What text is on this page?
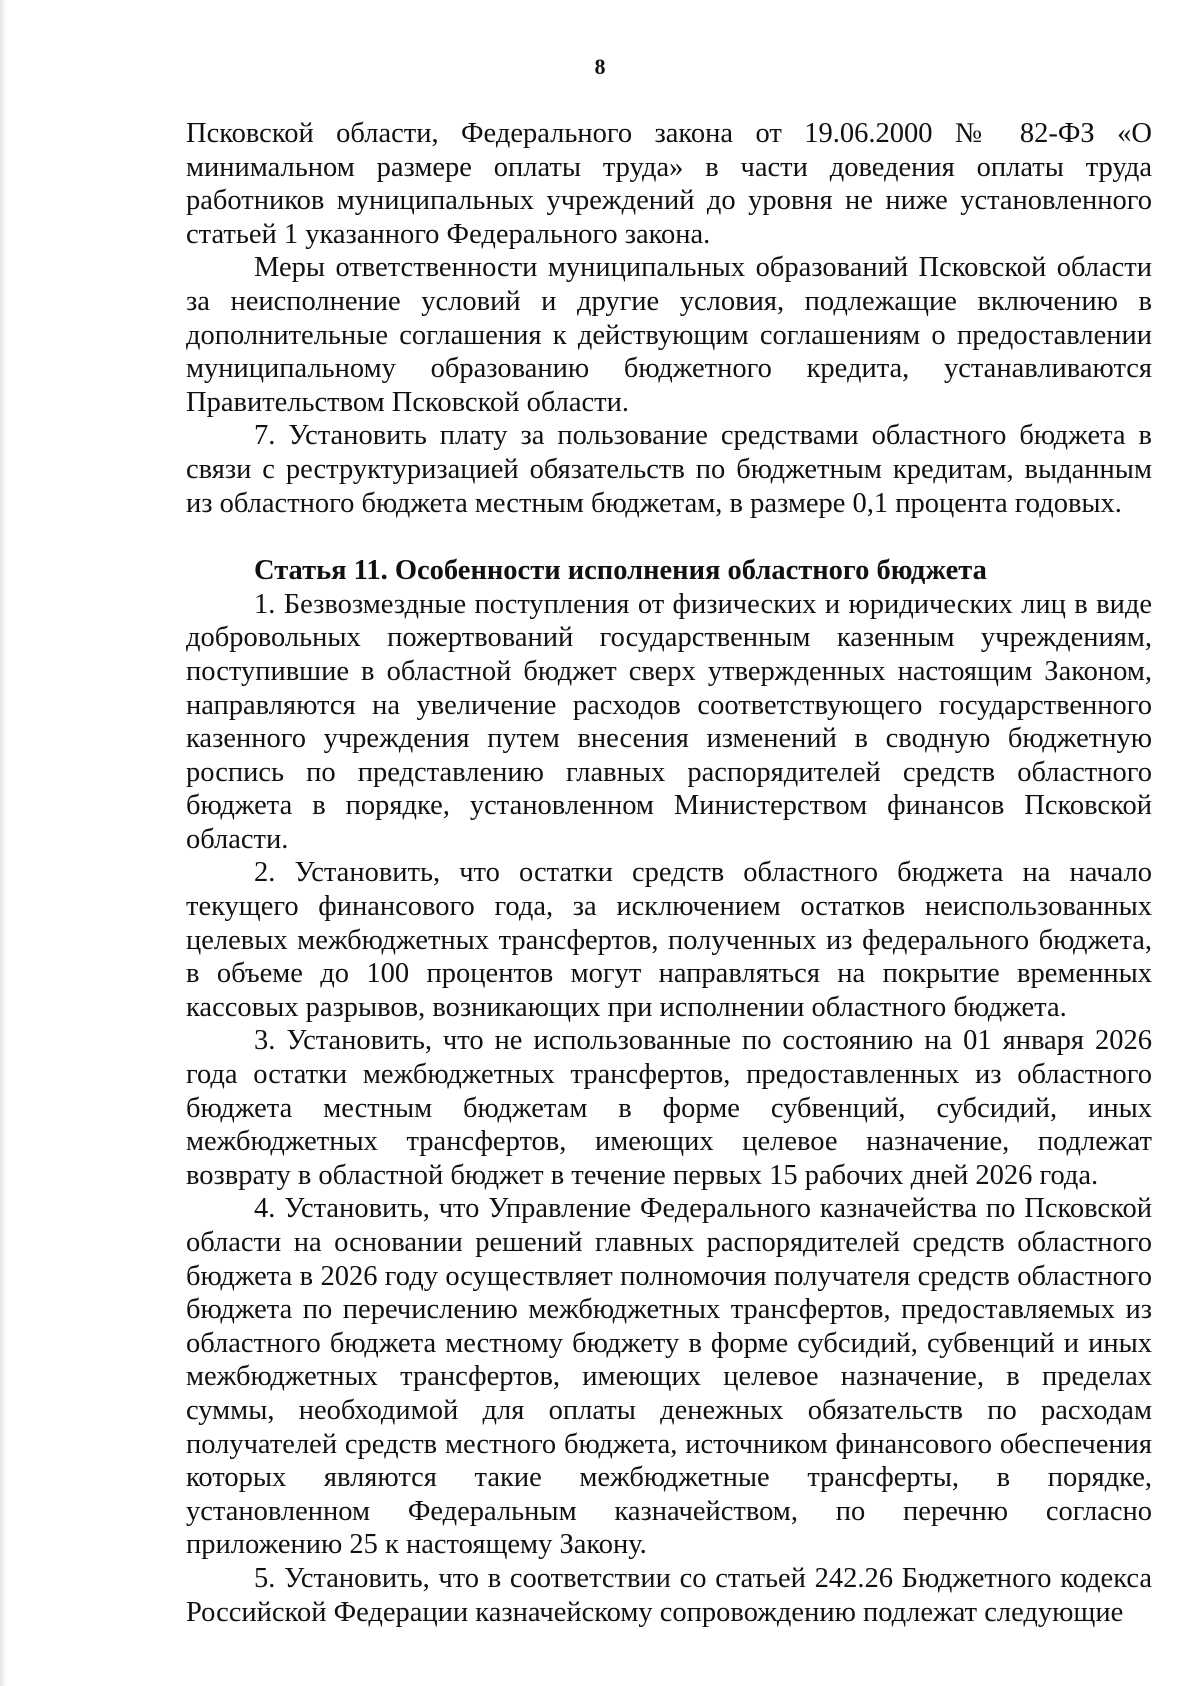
8

Псковской области, Федерального закона от 19.06.2000 № 82-ФЗ «О минимальном размере оплаты труда» в части доведения оплаты труда работников муниципальных учреждений до уровня не ниже установленного статьей 1 указанного Федерального закона.

Меры ответственности муниципальных образований Псковской области за неисполнение условий и другие условия, подлежащие включению в дополнительные соглашения к действующим соглашениям о предоставлении муниципальному образованию бюджетного кредита, устанавливаются Правительством Псковской области.

7. Установить плату за пользование средствами областного бюджета в связи с реструктуризацией обязательств по бюджетным кредитам, выданным из областного бюджета местным бюджетам, в размере 0,1 процента годовых.

Статья 11. Особенности исполнения областного бюджета

1. Безвозмездные поступления от физических и юридических лиц в виде добровольных пожертвований государственным казенным учреждениям, поступившие в областной бюджет сверх утвержденных настоящим Законом, направляются на увеличение расходов соответствующего государственного казенного учреждения путем внесения изменений в сводную бюджетную роспись по представлению главных распорядителей средств областного бюджета в порядке, установленном Министерством финансов Псковской области.

2. Установить, что остатки средств областного бюджета на начало текущего финансового года, за исключением остатков неиспользованных целевых межбюджетных трансфертов, полученных из федерального бюджета, в объеме до 100 процентов могут направляться на покрытие временных кассовых разрывов, возникающих при исполнении областного бюджета.

3. Установить, что не использованные по состоянию на 01 января 2026 года остатки межбюджетных трансфертов, предоставленных из областного бюджета местным бюджетам в форме субвенций, субсидий, иных межбюджетных трансфертов, имеющих целевое назначение, подлежат возврату в областной бюджет в течение первых 15 рабочих дней 2026 года.

4. Установить, что Управление Федерального казначейства по Псковской области на основании решений главных распорядителей средств областного бюджета в 2026 году осуществляет полномочия получателя средств областного бюджета по перечислению межбюджетных трансфертов, предоставляемых из областного бюджета местному бюджету в форме субсидий, субвенций и иных межбюджетных трансфертов, имеющих целевое назначение, в пределах суммы, необходимой для оплаты денежных обязательств по расходам получателей средств местного бюджета, источником финансового обеспечения которых являются такие межбюджетные трансферты, в порядке, установленном Федеральным казначейством, по перечню согласно приложению 25 к настоящему Закону.

5. Установить, что в соответствии со статьей 242.26 Бюджетного кодекса Российской Федерации казначейскому сопровождению подлежат следующие
